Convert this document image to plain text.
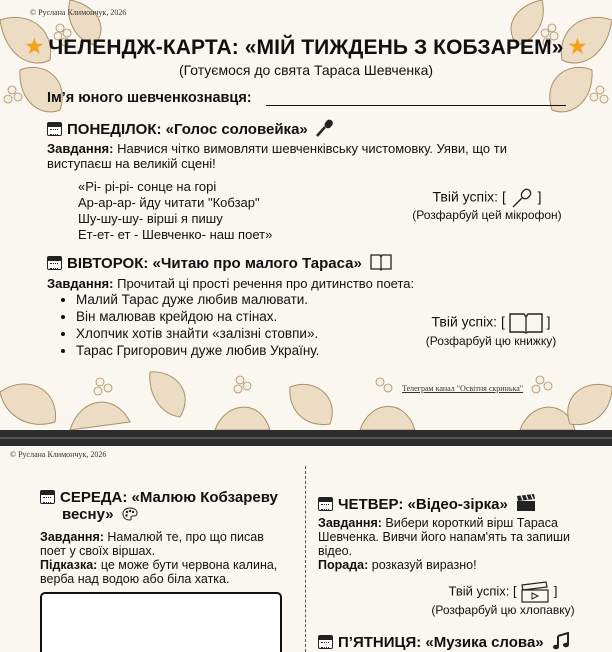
© Руслана Климончук, 2026
★ ЧЕЛЕНДЖ-КАРТА: «МІЙ ТИЖДЕНЬ З КОБЗАРЕМ» ★
(Готуємося до свята Тараса Шевченка)
Ім’я юного шевченкознавця:
ПОНЕДІЛОК: «Голос соловейка»
Завдання: Навчися чітко вимовляти шевченківську чистомовку. Уяви, що ти виступаєш на великій сцені!
«Рі- рі-рі- сонце на горі
Ар-ар-ар- йду читати "Кобзар"
Шу-шу-шу- вірші я пишу
Ет-ет- ет - Шевченко- наш поет»
Твій успіх: [ ]
(Розфарбуй цей мікрофон)
ВІВТОРОК: «Читаю про малого Тараса»
Завдання: Прочитай ці прості речення про дитинство поета:
• Малий Тарас дуже любив малювати.
• Він малював крейдою на стінах.
• Хлопчик хотів знайти «залізні стовпи».
• Тарас Григорович дуже любив Україну.
Твій успіх: [	]
(Розфарбуй цю книжку)
Телеграм канал "Освітня скринька"
© Руслана Климончук, 2026
СЕРЕДА: «Малюю Кобзареву
весну»
Завдання: Намалюй те, про що писав поет у своїх віршах.
Підказка: це може бути червона калина, верба над водою або біла хатка.
ЧЕТВЕР: «Відео-зірка»
Завдання: Вибери короткий вірш Тараса Шевченка. Вивчи його напам'ять та запиши відео.
Порада: розказуй виразно!
Твій успіх: [	]
(Розфарбуй цю хлопавку)
П’ЯТНИЦЯ: «Музика слова»
